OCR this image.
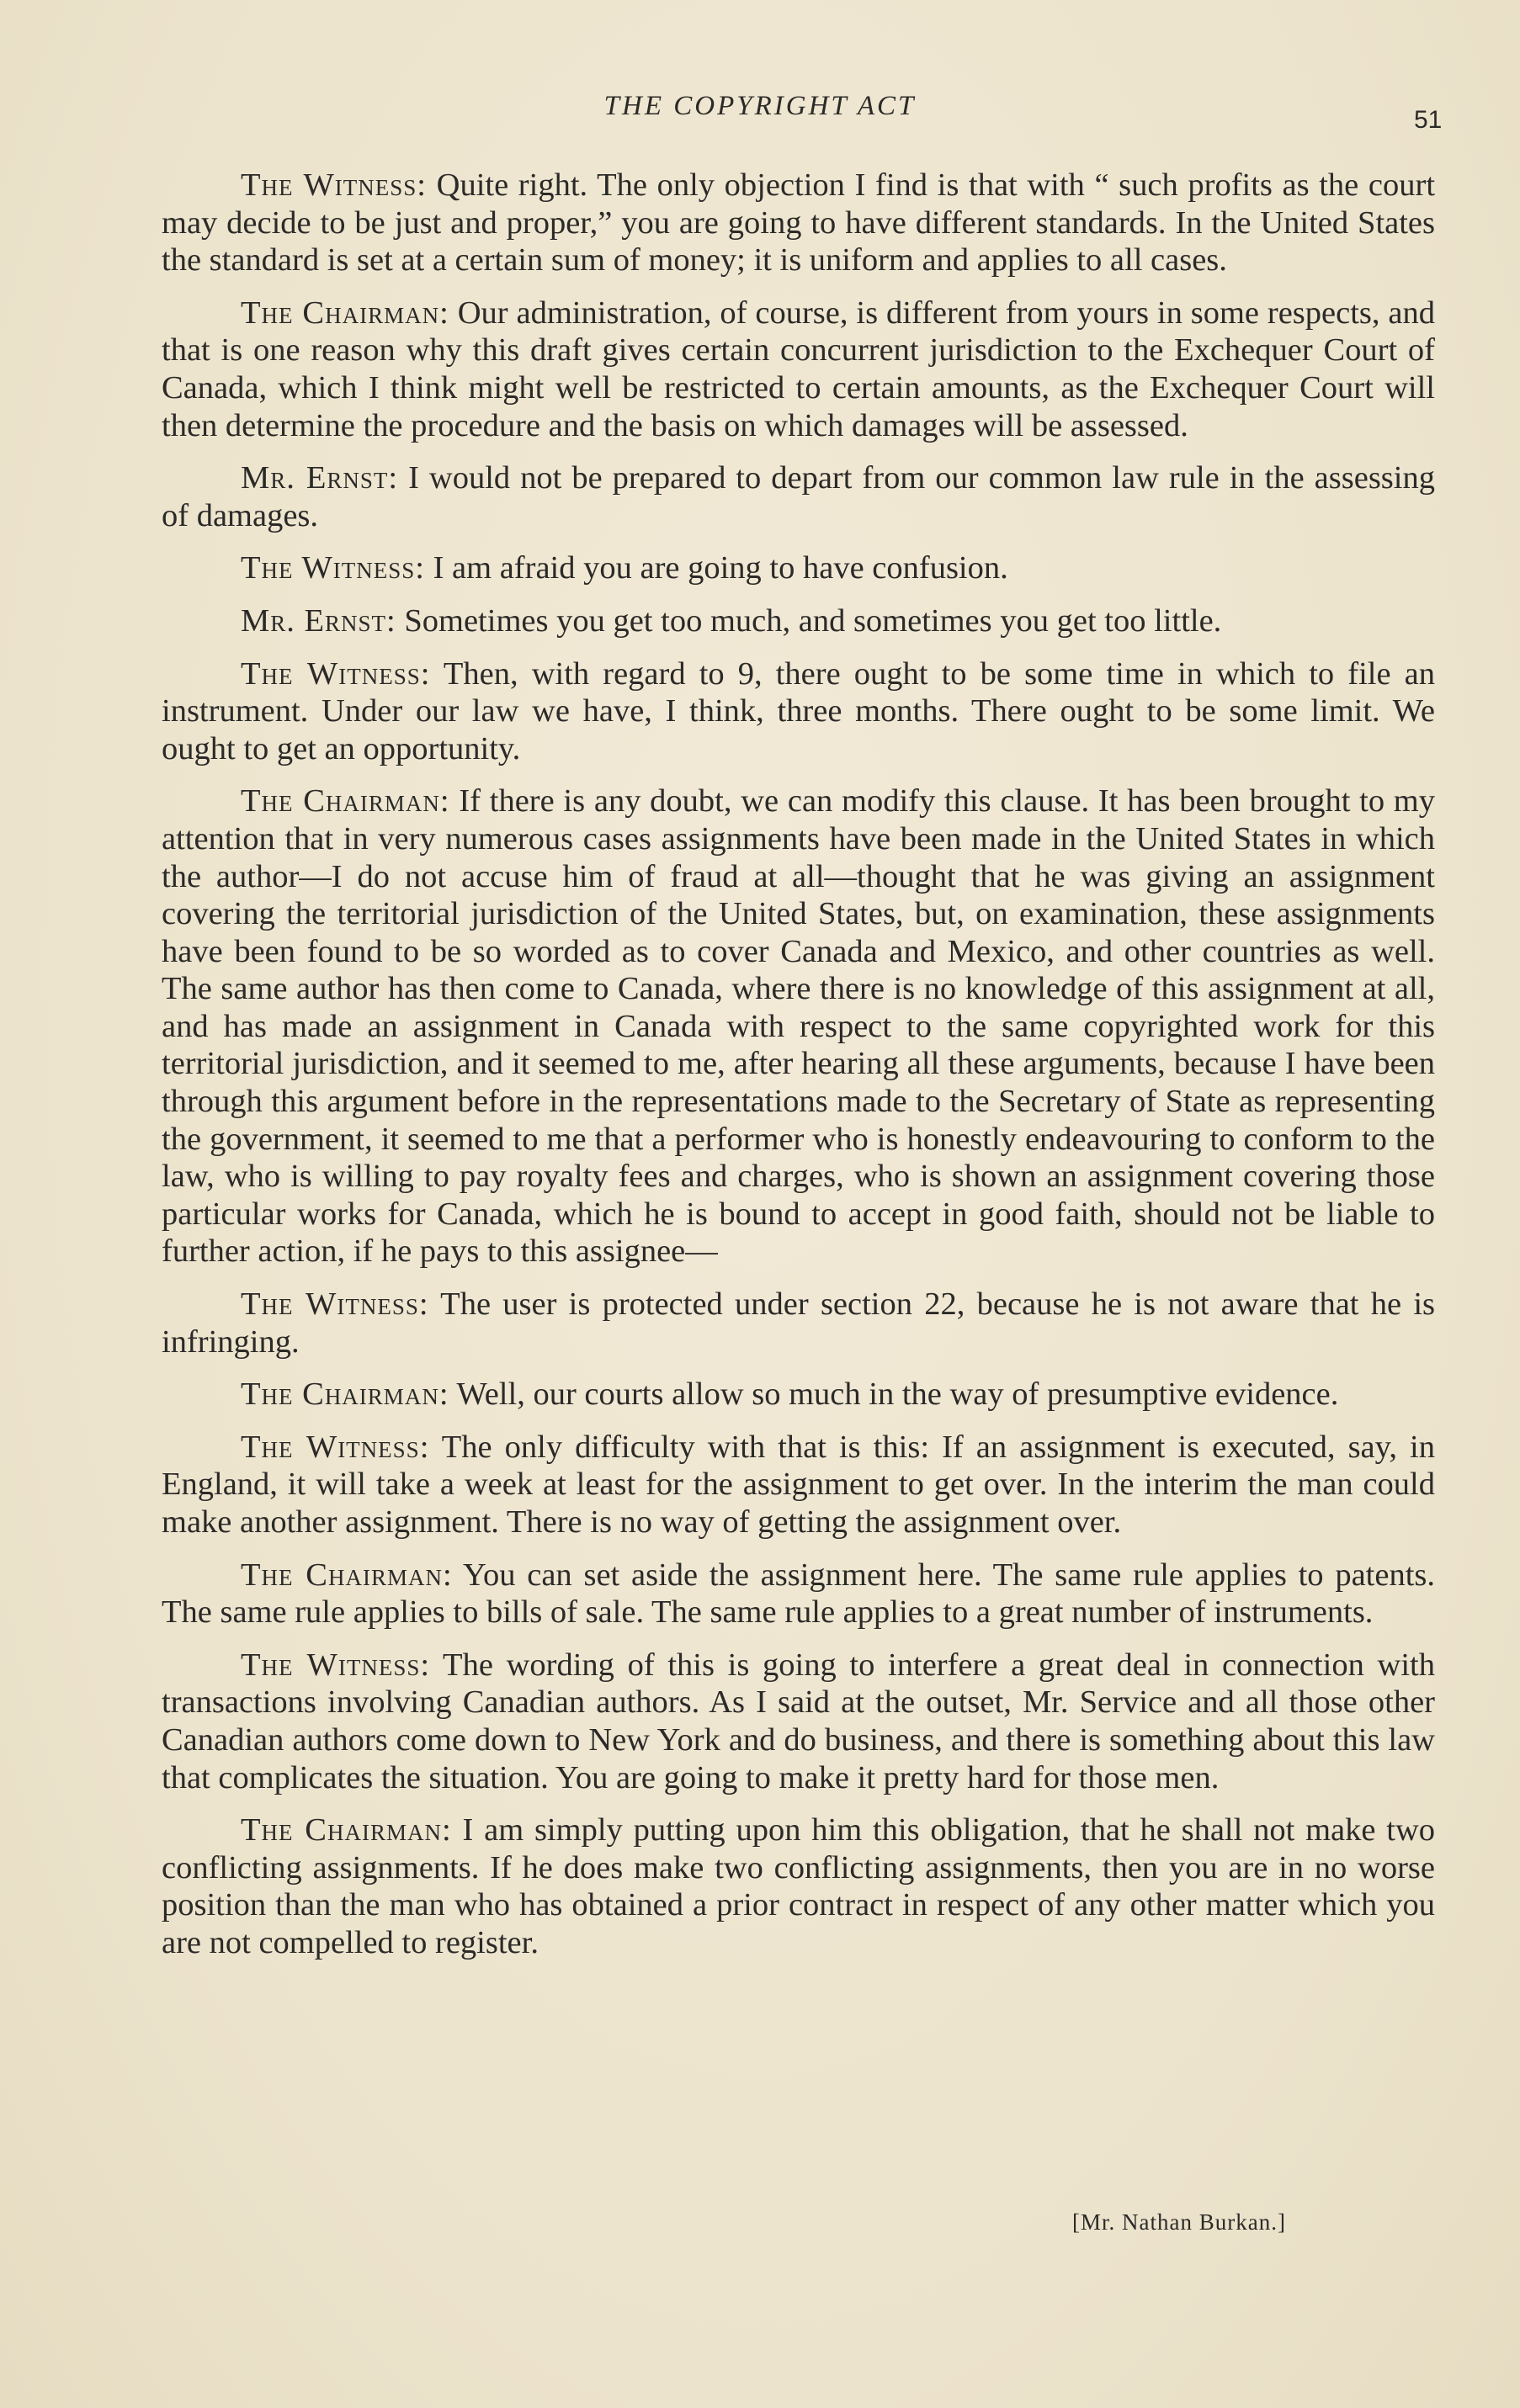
THE COPYRIGHT ACT	51

The Witness: Quite right. The only objection I find is that with “ such profits as the court may decide to be just and proper,” you are going to have different standards. In the United States the standard is set at a certain sum of money; it is uniform and applies to all cases.

The Chairman: Our administration, of course, is different from yours in some respects, and that is one reason why this draft gives certain concurrent jurisdiction to the Exchequer Court of Canada, which I think might well be restricted to certain amounts, as the Exchequer Court will then determine the procedure and the basis on which damages will be assessed.

Mr. Ernst: I would not be prepared to depart from our common law rule in the assessing of damages.

The Witness: I am afraid you are going to have confusion.

Mr. Ernst: Sometimes you get too much, and sometimes you get too little.

The Witness: Then, with regard to 9, there ought to be some time in which to file an instrument. Under our law we have, I think, three months. There ought to be some limit. We ought to get an opportunity.

The Chairman: If there is any doubt, we can modify this clause. It has been brought to my attention that in very numerous cases assignments have been made in the United States in which the author—I do not accuse him of fraud at all—thought that he was giving an assignment covering the territorial jurisdiction of the United States, but, on examination, these assignments have been found to be so worded as to cover Canada and Mexico, and other countries as well. The same author has then come to Canada, where there is no knowledge of this assignment at all, and has made an assignment in Canada with respect to the same copyrighted work for this territorial jurisdiction, and it seemed to me, after hearing all these arguments, because I have been through this argument before in the representations made to the Secretary of State as representing the government, it seemed to me that a performer who is honestly endeavouring to conform to the law, who is willing to pay royalty fees and charges, who is shown an assignment covering those particular works for Canada, which he is bound to accept in good faith, should not be liable to further action, if he pays to this assignee—

The Witness: The user is protected under section 22, because he is not aware that he is infringing.

The Chairman: Well, our courts allow so much in the way of presumptive evidence.

The Witness: The only difficulty with that is this: If an assignment is executed, say, in England, it will take a week at least for the assignment to get over. In the interim the man could make another assignment. There is no way of getting the assignment over.

The Chairman: You can set aside the assignment here. The same rule applies to patents. The same rule applies to bills of sale. The same rule applies to a great number of instruments.

The Witness: The wording of this is going to interfere a great deal in connection with transactions involving Canadian authors. As I said at the outset, Mr. Service and all those other Canadian authors come down to New York and do business, and there is something about this law that complicates the situation. You are going to make it pretty hard for those men.

The Chairman: I am simply putting upon him this obligation, that he shall not make two conflicting assignments. If he does make two conflicting assignments, then you are in no worse position than the man who has obtained a prior contract in respect of any other matter which you are not compelled to register.

[Mr. Nathan Burkan.]
